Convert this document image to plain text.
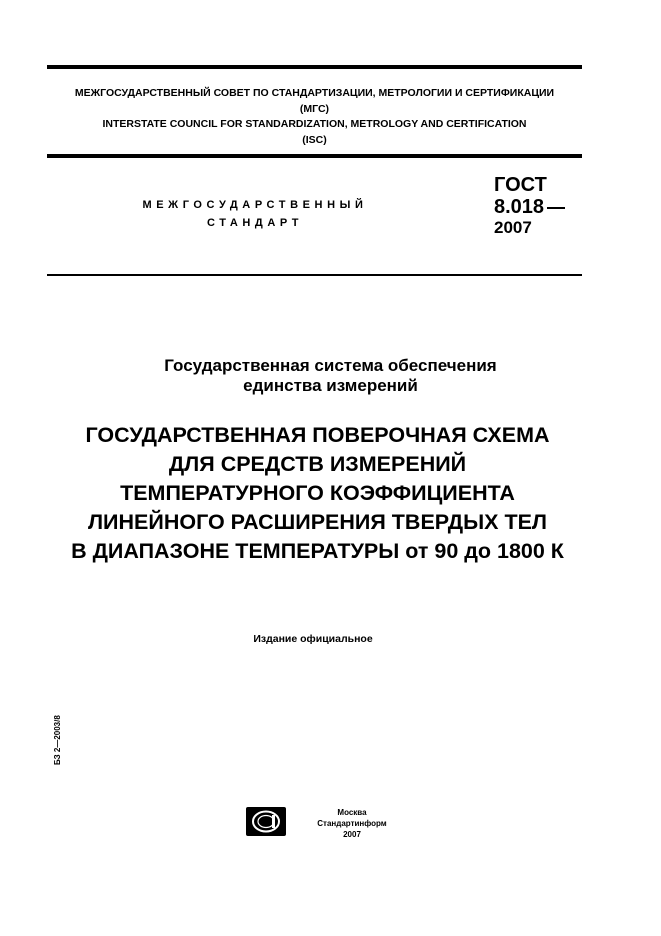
МЕЖГОСУДАРСТВЕННЫЙ СОВЕТ ПО СТАНДАРТИЗАЦИИ, МЕТРОЛОГИИ И СЕРТИФИКАЦИИ
(МГС)
INTERSTATE COUNCIL FOR STANDARDIZATION, METROLOGY AND CERTIFICATION
(ISC)
МЕЖГОСУДАРСТВЕННЫЙ
СТАНДАРТ
ГОСТ
8.018
2007
Государственная система обеспечения
единства измерений
ГОСУДАРСТВЕННАЯ ПОВЕРОЧНАЯ СХЕМА
ДЛЯ СРЕДСТВ ИЗМЕРЕНИЙ
ТЕМПЕРАТУРНОГО КОЭФФИЦИЕНТА
ЛИНЕЙНОГО РАСШИРЕНИЯ ТВЕРДЫХ ТЕЛ
В ДИАПАЗОНЕ ТЕМПЕРАТУРЫ от 90 до 1800 К
Издание официальное
БЗ 2—2003/8
Москва
Стандартинформ
2007
